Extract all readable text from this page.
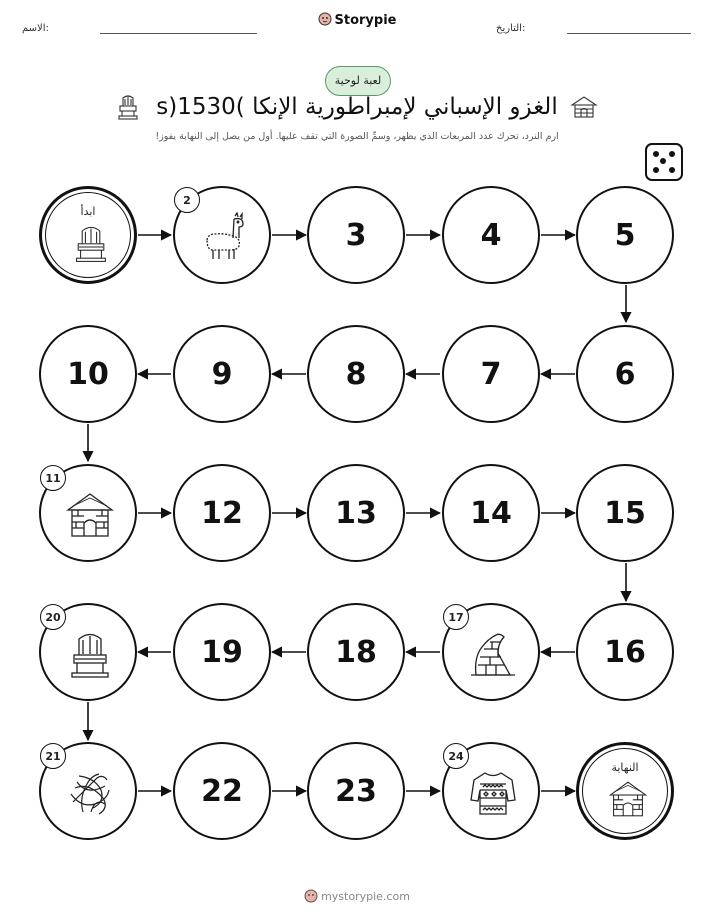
الاسم:
Storypie
التاريخ:
لعبة لوحية
الغزو الإسباني لإمبراطورية الإنكا )1530(s
ارم النرد، تحرك عدد المربعات الذي يظهر، وسمِّ الصورة التي تقف عليها. أول من يصل إلى النهاية يفوز!
ابدأ
2
3	4	5
6
7
8
9
10
11
12	13	14	15
16
17
18
19
20
21
22	23
24
النهاية
mystorypie.com
